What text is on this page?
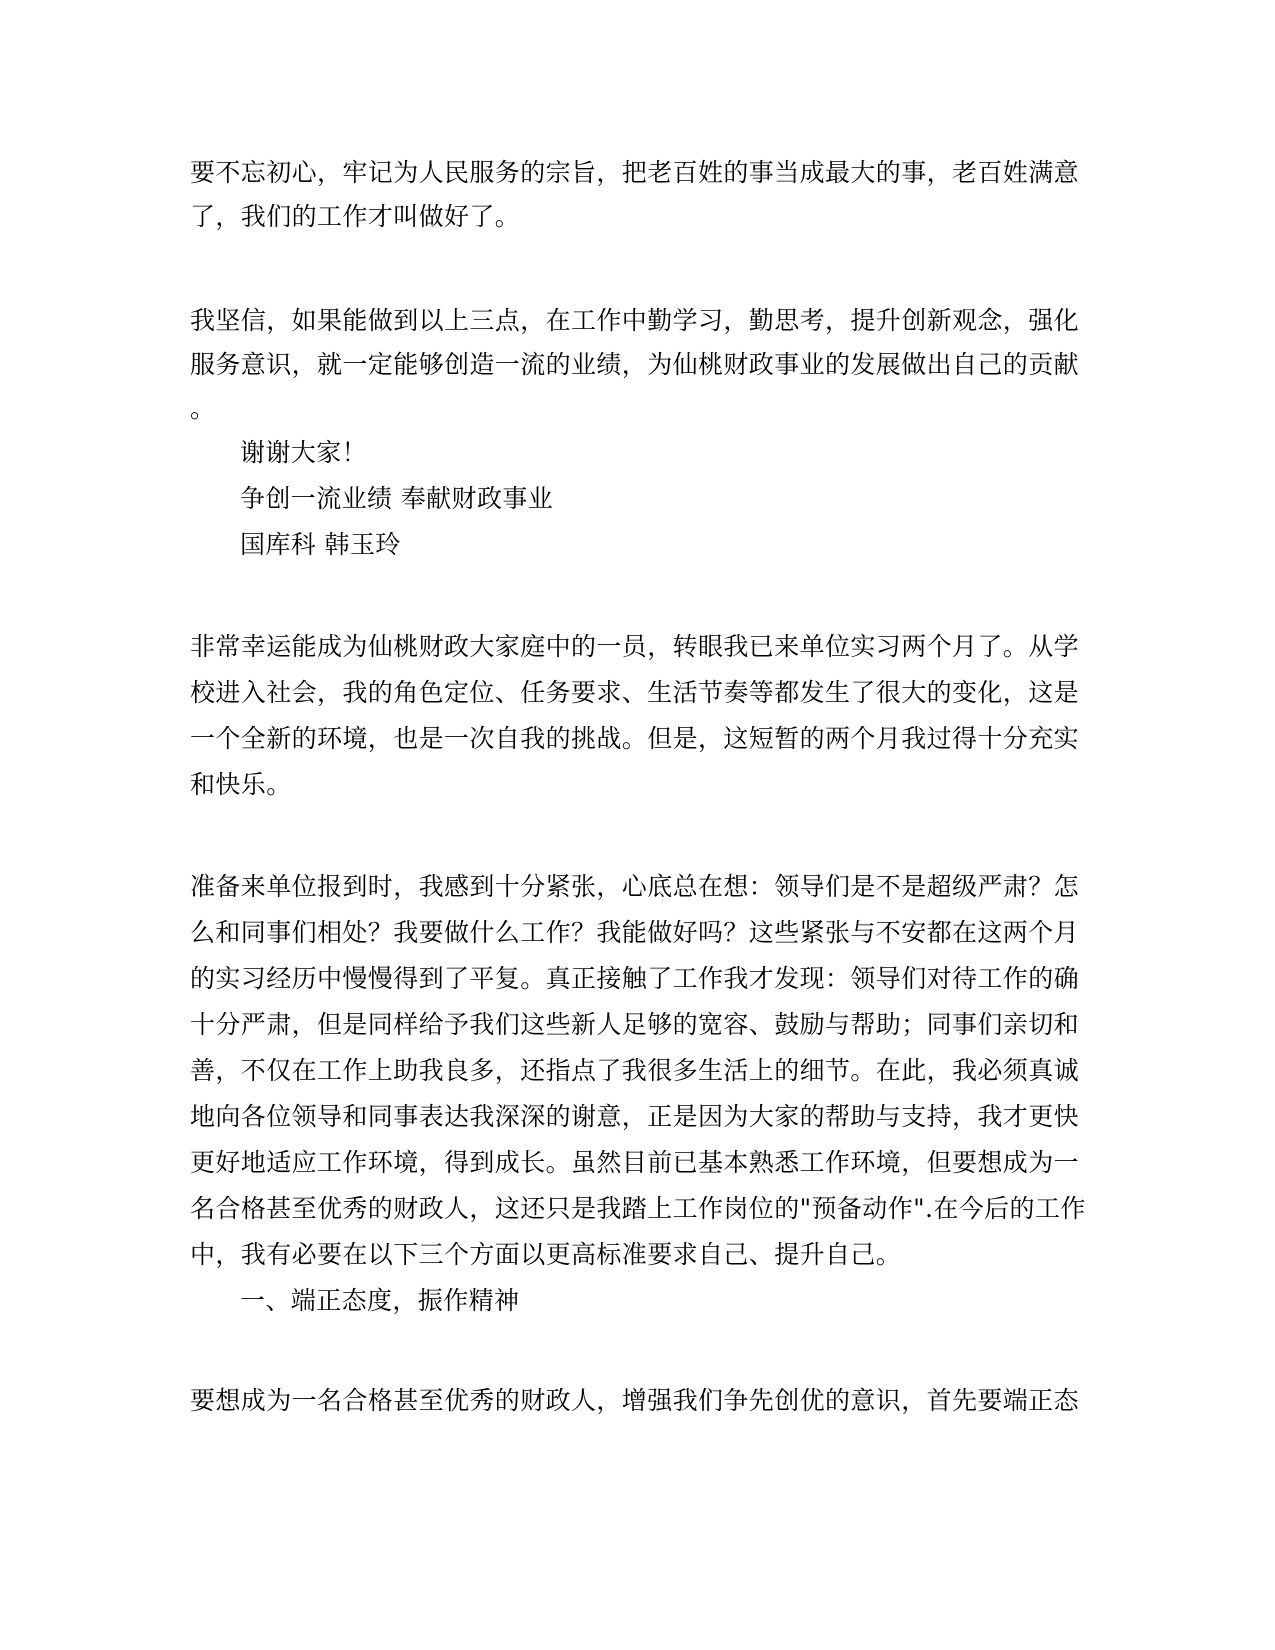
要不忘初心，牢记为人民服务的宗旨，把老百姓的事当成最大的事，老百姓满意
了，我们的工作才叫做好了。
我坚信，如果能做到以上三点，在工作中勤学习，勤思考，提升创新观念，强化
服务意识，就一定能够创造一流的业绩，为仙桃财政事业的发展做出自己的贡献
。
谢谢大家！
争创一流业绩 奉献财政事业
国库科 韩玉玲
非常幸运能成为仙桃财政大家庭中的一员，转眼我已来单位实习两个月了。从学
校进入社会，我的角色定位、任务要求、生活节奏等都发生了很大的变化，这是
一个全新的环境，也是一次自我的挑战。但是，这短暂的两个月我过得十分充实
和快乐。
准备来单位报到时，我感到十分紧张，心底总在想：领导们是不是超级严肃？怎
么和同事们相处？我要做什么工作？我能做好吗？这些紧张与不安都在这两个月
的实习经历中慢慢得到了平复。真正接触了工作我才发现：领导们对待工作的确
十分严肃，但是同样给予我们这些新人足够的宽容、鼓励与帮助；同事们亲切和
善，不仅在工作上助我良多，还指点了我很多生活上的细节。在此，我必须真诚
地向各位领导和同事表达我深深的谢意，正是因为大家的帮助与支持，我才更快
更好地适应工作环境，得到成长。虽然目前已基本熟悉工作环境，但要想成为一
名合格甚至优秀的财政人，这还只是我踏上工作岗位的"预备动作".在今后的工作
中，我有必要在以下三个方面以更高标准要求自己、提升自己。
一、端正态度，振作精神
要想成为一名合格甚至优秀的财政人，增强我们争先创优的意识，首先要端正态
